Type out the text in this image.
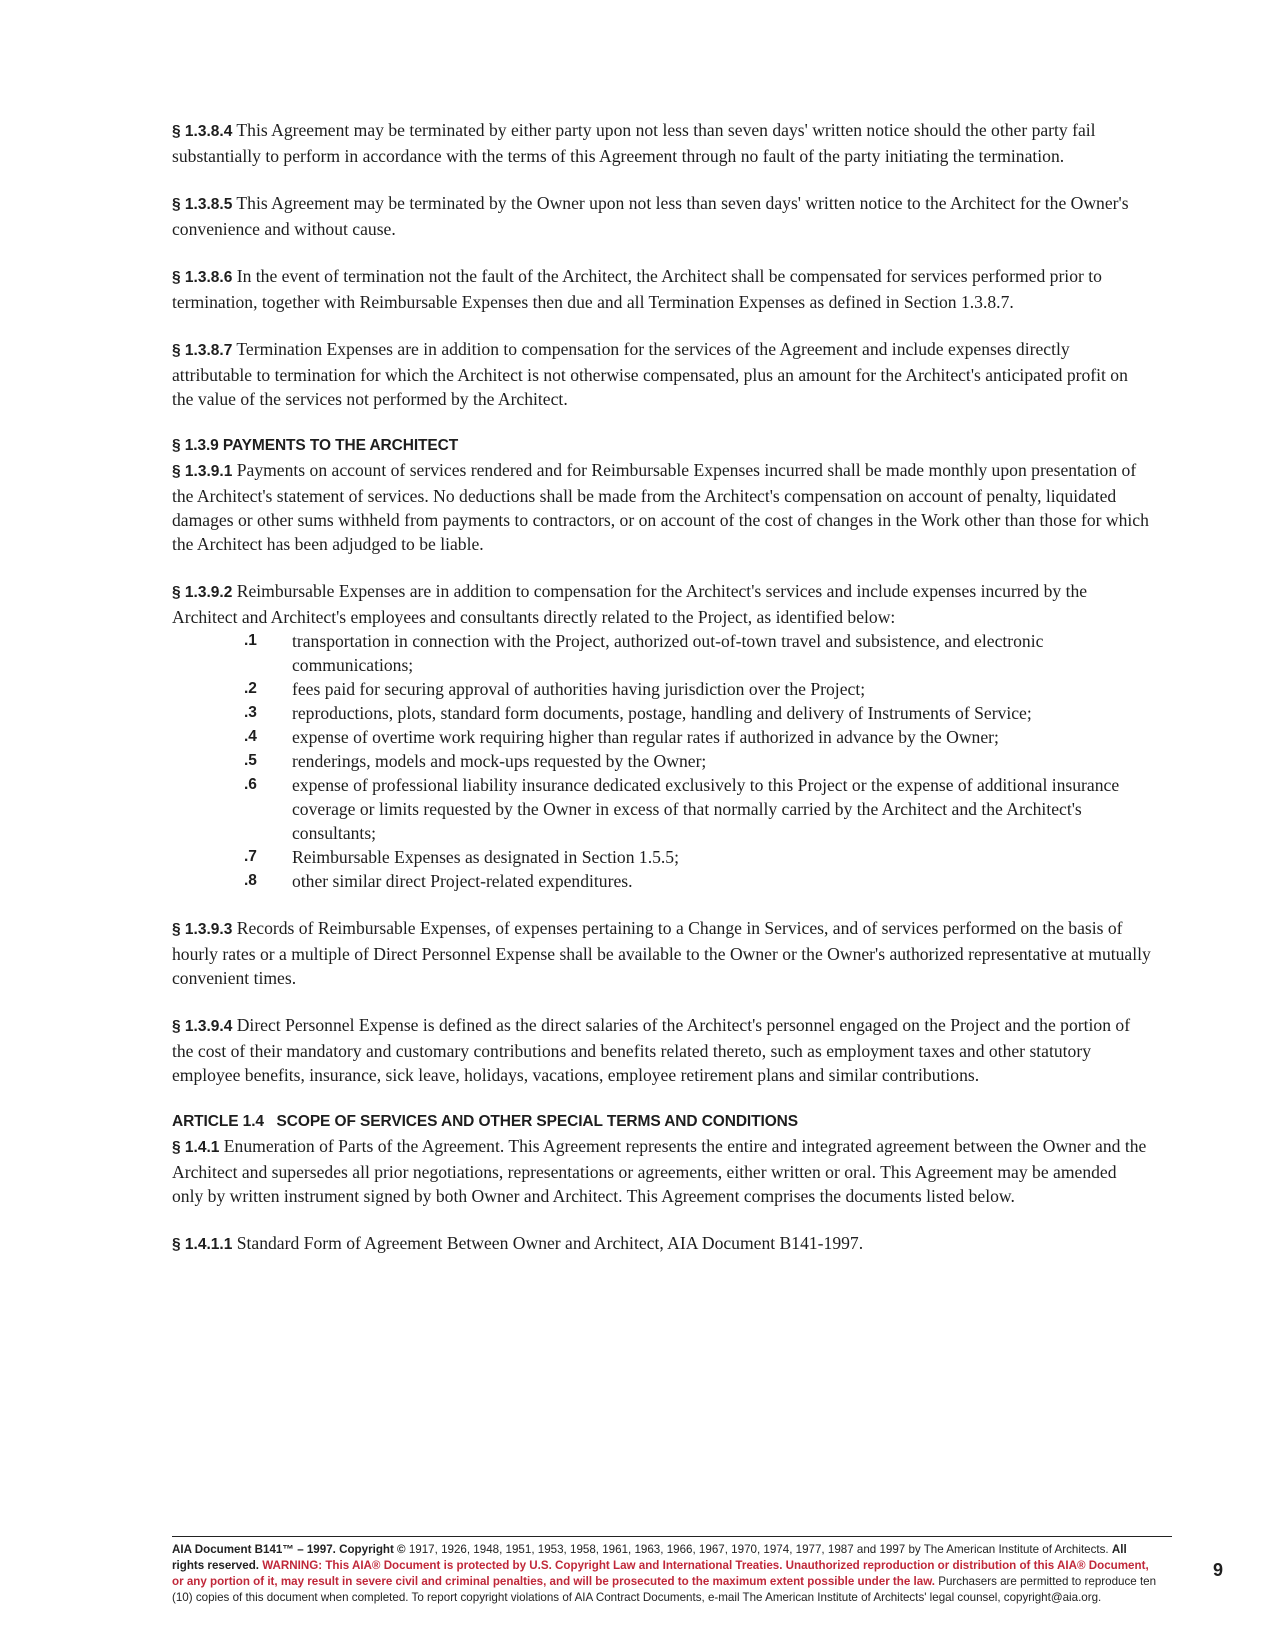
§ 1.3.8.4 This Agreement may be terminated by either party upon not less than seven days' written notice should the other party fail substantially to perform in accordance with the terms of this Agreement through no fault of the party initiating the termination.

§ 1.3.8.5 This Agreement may be terminated by the Owner upon not less than seven days' written notice to the Architect for the Owner's convenience and without cause.

§ 1.3.8.6 In the event of termination not the fault of the Architect, the Architect shall be compensated for services performed prior to termination, together with Reimbursable Expenses then due and all Termination Expenses as defined in Section 1.3.8.7.

§ 1.3.8.7 Termination Expenses are in addition to compensation for the services of the Agreement and include expenses directly attributable to termination for which the Architect is not otherwise compensated, plus an amount for the Architect's anticipated profit on the value of the services not performed by the Architect.

§ 1.3.9 PAYMENTS TO THE ARCHITECT

§ 1.3.9.1 Payments on account of services rendered and for Reimbursable Expenses incurred shall be made monthly upon presentation of the Architect's statement of services. No deductions shall be made from the Architect's compensation on account of penalty, liquidated damages or other sums withheld from payments to contractors, or on account of the cost of changes in the Work other than those for which the Architect has been adjudged to be liable.

§ 1.3.9.2 Reimbursable Expenses are in addition to compensation for the Architect's services and include expenses incurred by the Architect and Architect's employees and consultants directly related to the Project, as identified below:

.1	transportation in connection with the Project, authorized out-of-town travel and subsistence, and electronic communications;
.2	fees paid for securing approval of authorities having jurisdiction over the Project;
.3	reproductions, plots, standard form documents, postage, handling and delivery of Instruments of Service;
.4	expense of overtime work requiring higher than regular rates if authorized in advance by the Owner;
.5	renderings, models and mock-ups requested by the Owner;
.6	expense of professional liability insurance dedicated exclusively to this Project or the expense of additional insurance coverage or limits requested by the Owner in excess of that normally carried by the Architect and the Architect's consultants;
.7	Reimbursable Expenses as designated in Section 1.5.5;
.8	other similar direct Project-related expenditures.

§ 1.3.9.3 Records of Reimbursable Expenses, of expenses pertaining to a Change in Services, and of services performed on the basis of hourly rates or a multiple of Direct Personnel Expense shall be available to the Owner or the Owner's authorized representative at mutually convenient times.

§ 1.3.9.4 Direct Personnel Expense is defined as the direct salaries of the Architect's personnel engaged on the Project and the portion of the cost of their mandatory and customary contributions and benefits related thereto, such as employment taxes and other statutory employee benefits, insurance, sick leave, holidays, vacations, employee retirement plans and similar contributions.

ARTICLE 1.4   SCOPE OF SERVICES AND OTHER SPECIAL TERMS AND CONDITIONS

§ 1.4.1 Enumeration of Parts of the Agreement. This Agreement represents the entire and integrated agreement between the Owner and the Architect and supersedes all prior negotiations, representations or agreements, either written or oral. This Agreement may be amended only by written instrument signed by both Owner and Architect. This Agreement comprises the documents listed below.

§ 1.4.1.1 Standard Form of Agreement Between Owner and Architect, AIA Document B141-1997.

AIA Document B141™ – 1997. Copyright © 1917, 1926, 1948, 1951, 1953, 1958, 1961, 1963, 1966, 1967, 1970, 1974, 1977, 1987 and 1997 by The American Institute of Architects. All rights reserved. WARNING: This AIA® Document is protected by U.S. Copyright Law and International Treaties. Unauthorized reproduction or distribution of this AIA® Document, or any portion of it, may result in severe civil and criminal penalties, and will be prosecuted to the maximum extent possible under the law. Purchasers are permitted to reproduce ten (10) copies of this document when completed. To report copyright violations of AIA Contract Documents, e-mail The American Institute of Architects' legal counsel, copyright@aia.org.
9
